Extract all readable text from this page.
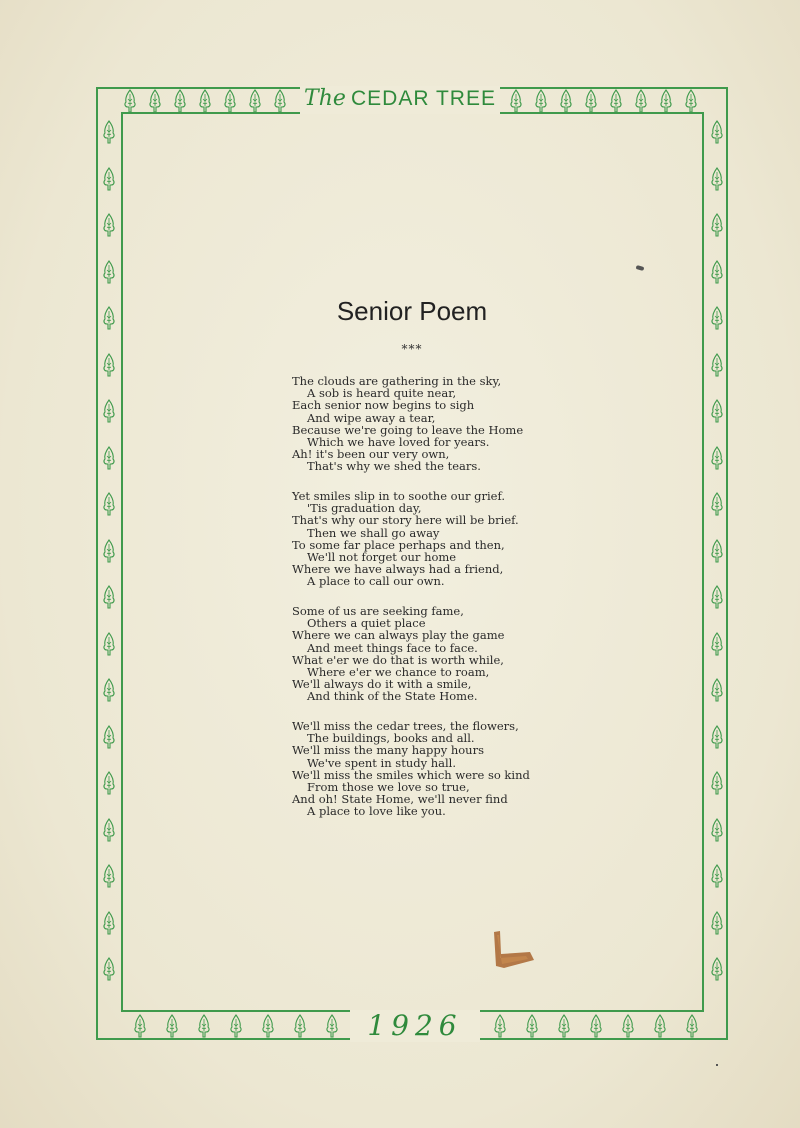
The CEDAR TREE
1926
Senior Poem
***
The clouds are gathering in the sky,
A sob is heard quite near,
Each senior now begins to sigh
And wipe away a tear,
Because we're going to leave the Home
Which we have loved for years.
Ah! it's been our very own,
That's why we shed the tears.
Yet smiles slip in to soothe our grief.
'Tis graduation day,
That's why our story here will be brief.
Then we shall go away
To some far place perhaps and then,
We'll not forget our home
Where we have always had a friend,
A place to call our own.
Some of us are seeking fame,
Others a quiet place
Where we can always play the game
And meet things face to face.
What e'er we do that is worth while,
Where e'er we chance to roam,
We'll always do it with a smile,
And think of the State Home.
We'll miss the cedar trees, the flowers,
The buildings, books and all.
We'll miss the many happy hours
We've spent in study hall.
We'll miss the smiles which were so kind
From those we love so true,
And oh! State Home, we'll never find
A place to love like you.
